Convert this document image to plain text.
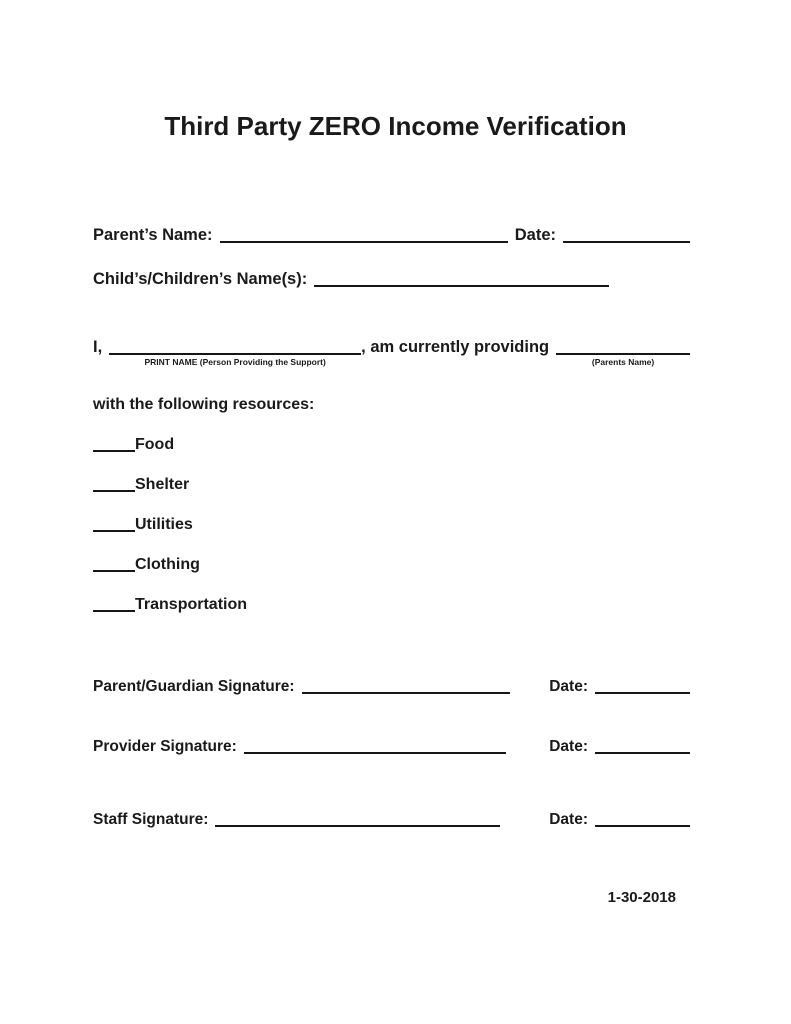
Third Party ZERO Income Verification
Parent’s Name:	Date:
Child’s/Children’s Name(s):
I,
PRINT NAME (Person Providing the Support)
, am currently providing
(Parents Name)
with the following resources:
Food
Shelter
Utilities
Clothing
Transportation
Parent/Guardian Signature:	Date:
Provider Signature:	Date:
Staff Signature:	Date:
1-30-2018
